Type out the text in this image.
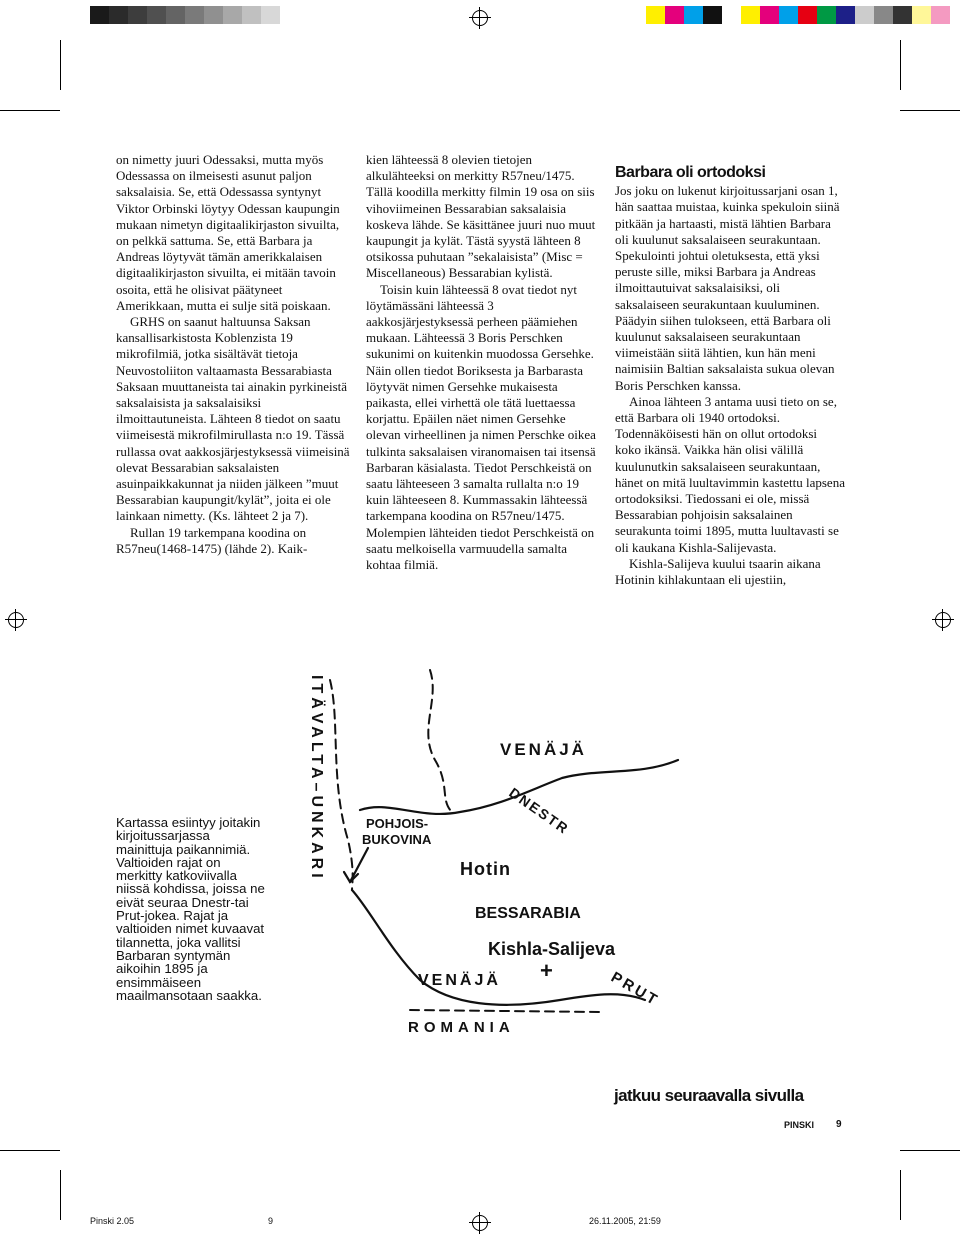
on nimetty juuri Odessaksi, mutta myös Odessassa on ilmeisesti asunut paljon saksalaisia. Se, että Odessassa syntynyt Viktor Orbinski löytyy Odessan kaupungin mukaan nimetyn digitaalikirjaston sivuilta, on pelkkä sattuma. Se, että Barbara ja Andreas löytyvät tämän amerikkalaisen digitaalikirjaston sivuilta, ei mitään tavoin osoita, että he olisivat päätyneet Amerikkaan, mutta ei sulje sitä poiskaan.

GRHS on saanut haltuunsa Saksan kansallisarkistosta Koblenzista 19 mikrofilmiä, jotka sisältävät tietoja Neuvostoliiton valtaamasta Bessarabiasta Saksaan muuttaneista tai ainakin pyrkineistä saksalaisista ja saksalaisiksi ilmoittautuneista. Lähteen 8 tiedot on saatu viimeisestä mikrofilmirullasta n:o 19. Tässä rullassa ovat aakkosjärjestyksessä viimeisinä olevat Bessarabian saksalaisten asuinpaikkakunnat ja niiden jälkeen ”muut Bessarabian kaupungit/kylät”, joita ei ole lainkaan nimetty. (Ks. lähteet 2 ja 7).

Rullan 19 tarkempana koodina on R57neu(1468-1475) (lähde 2). Kaik-

kien lähteessä 8 olevien tietojen alkulähteeksi on merkitty R57neu/1475. Tällä koodilla merkitty filmin 19 osa on siis vihoviimeinen Bessarabian saksalaisia koskeva lähde. Se käsittänee juuri nuo muut kaupungit ja kylät. Tästä syystä lähteen 8 otsikossa puhutaan ”sekalaisista” (Misc = Miscellaneous) Bessarabian kylistä.

Toisin kuin lähteessä 8 ovat tiedot nyt löytämässäni lähteessä 3 aakkosjärjestyksessä perheen päämiehen mukaan. Lähteessä 3 Boris Perschken sukunimi on kuitenkin muodossa Gersehke. Näin ollen tiedot Boriksesta ja Barbarasta löytyvät nimen Gersehke mukaisesta paikasta, ellei virhettä ole tätä luettaessa korjattu. Epäilen näet nimen Gersehke olevan virheellinen ja nimen Perschke oikea tulkinta saksalaisen viranomaisen tai itsensä Barbaran käsialasta. Tiedot Perschkeistä on saatu lähteeseen 3 samalta rullalta n:o 19 kuin lähteeseen 8. Kummassakin lähteessä tarkempana koodina on R57neu/1475. Molempien lähteiden tiedot Perschkeistä on saatu melkoisella varmuudella samalta kohtaa filmiä.

Barbara oli ortodoksi

Jos joku on lukenut kirjoitussarjani osan 1, hän saattaa muistaa, kuinka spekuloin siinä pitkään ja hartaasti, mistä lähtien Barbara oli kuulunut saksalaiseen seurakuntaan. Spekulointi johtui oletuksesta, että yksi peruste sille, miksi Barbara ja Andreas ilmoittautuivat saksalaisiksi, oli saksalaiseen seurakuntaan kuuluminen. Päädyin siihen tulokseen, että Barbara oli kuulunut saksalaiseen seurakuntaan viimeistään siitä lähtien, kun hän meni naimisiin Baltian saksalaista sukua olevan Boris Perschken kanssa.

Ainoa lähteen 3 antama uusi tieto on se, että Barbara oli 1940 ortodoksi. Todennäköisesti hän on ollut ortodoksi koko ikänsä. Vaikka hän olisi välillä kuulunutkin saksalaiseen seurakuntaan, hänet on mitä luultavimmin kastettu lapsena ortodoksiksi. Tiedossani ei ole, missä Bessarabian pohjoisin saksalainen seurakunta toimi 1895, mutta luultavasti se oli kaukana Kishla-Salijevasta.

Kishla-Salijeva kuului tsaarin aikana Hotinin kihlakuntaan eli ujestiin,

Kartassa esiintyy joitakin kirjoitussarjassa mainittuja paikannimiä. Valtioiden rajat on merkitty katkoviivalla niissä kohdissa, joissa ne eivät seuraa Dnestr-tai Prut-jokea. Rajat ja valtioiden nimet kuvaavat tilannetta, joka vallitsi Barbaran syntymän aikoihin 1895 ja ensimmäiseen maailmansotaan saakka.
ITÄVALTA–UNKARI	VENÄJÄ
DNESTR
POHJOIS-
BUKOVINA
Hotin
BESSARABIA
Kishla-Salijeva
+
VENÄJÄ	PRUT
ROMANIA
jatkuu seuraavalla sivulla
PINSKI 9
Pinski 2.05	9	26.11.2005, 21:59
